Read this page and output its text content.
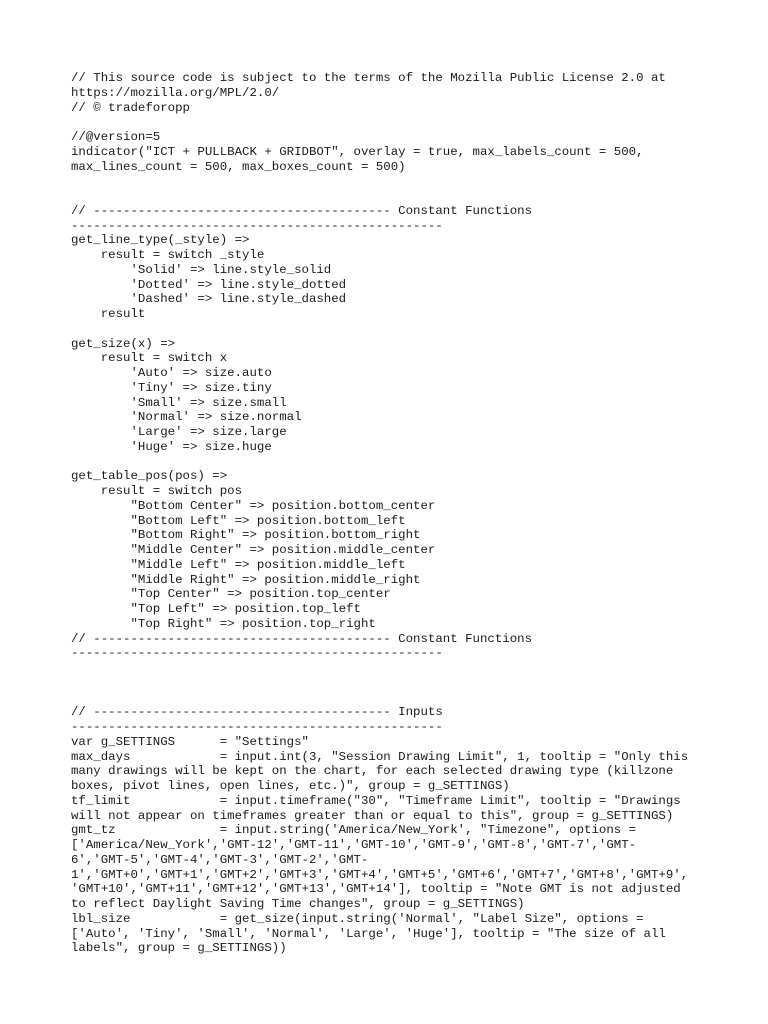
// This source code is subject to the terms of the Mozilla Public License 2.0 at
https://mozilla.org/MPL/2.0/
// © tradeforopp
//@version=5
indicator("ICT + PULLBACK + GRIDBOT", overlay = true, max_labels_count = 500,
max_lines_count = 500, max_boxes_count = 500)
// ---------------------------------------- Constant Functions
--------------------------------------------------
get_line_type(_style) =>
result = switch _style
'Solid' => line.style_solid
'Dotted' => line.style_dotted
'Dashed' => line.style_dashed
result
get_size(x) =>
result = switch x
'Auto' => size.auto
'Tiny' => size.tiny
'Small' => size.small
'Normal' => size.normal
'Large' => size.large
'Huge' => size.huge
get_table_pos(pos) =>
result = switch pos
"Bottom Center" => position.bottom_center
"Bottom Left" => position.bottom_left
"Bottom Right" => position.bottom_right
"Middle Center" => position.middle_center
"Middle Left" => position.middle_left
"Middle Right" => position.middle_right
"Top Center" => position.top_center
"Top Left" => position.top_left
"Top Right" => position.top_right
// ---------------------------------------- Constant Functions
--------------------------------------------------
// ---------------------------------------- Inputs
--------------------------------------------------
var g_SETTINGS      = "Settings"
max_days            = input.int(3, "Session Drawing Limit", 1, tooltip = "Only this
many drawings will be kept on the chart, for each selected drawing type (killzone
boxes, pivot lines, open lines, etc.)", group = g_SETTINGS)
tf_limit            = input.timeframe("30", "Timeframe Limit", tooltip = "Drawings
will not appear on timeframes greater than or equal to this", group = g_SETTINGS)
gmt_tz              = input.string('America/New_York', "Timezone", options =
['America/New_York','GMT-12','GMT-11','GMT-10','GMT-9','GMT-8','GMT-7','GMT-
6','GMT-5','GMT-4','GMT-3','GMT-2','GMT-
1','GMT+0','GMT+1','GMT+2','GMT+3','GMT+4','GMT+5','GMT+6','GMT+7','GMT+8','GMT+9',
'GMT+10','GMT+11','GMT+12','GMT+13','GMT+14'], tooltip = "Note GMT is not adjusted
to reflect Daylight Saving Time changes", group = g_SETTINGS)
lbl_size            = get_size(input.string('Normal', "Label Size", options =
['Auto', 'Tiny', 'Small', 'Normal', 'Large', 'Huge'], tooltip = "The size of all
labels", group = g_SETTINGS))
